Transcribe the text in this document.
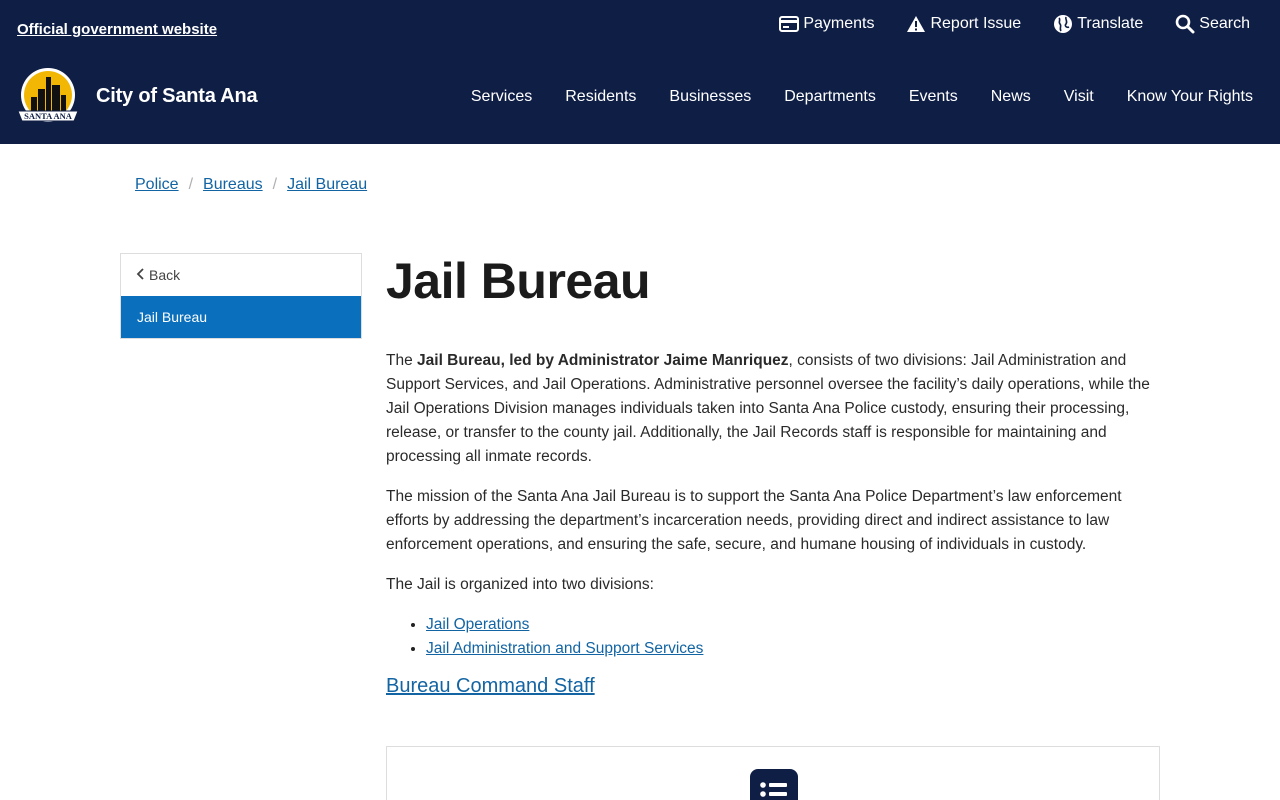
Official government website	Payments	Report Issue	Translate	Search
SANTA ANA
City of Santa Ana	Services Residents Businesses Departments Events News Visit Know Your Rights
Police / Bureaus / Jail Bureau
Back
Jail Bureau
Jail Bureau

The Jail Bureau, led by Administrator Jaime Manriquez, consists of two divisions: Jail Administration and Support Services, and Jail Operations. Administrative personnel oversee the facility’s daily operations, while the Jail Operations Division manages individuals taken into Santa Ana Police custody, ensuring their processing, release, or transfer to the county jail. Additionally, the Jail Records staff is responsible for maintaining and processing all inmate records.

The mission of the Santa Ana Jail Bureau is to support the Santa Ana Police Department’s law enforcement efforts by addressing the department’s incarceration needs, providing direct and indirect assistance to law enforcement operations, and ensuring the safe, secure, and humane housing of individuals in custody.

The Jail is organized into two divisions:

• Jail Operations
• Jail Administration and Support Services
Bureau Command Staff
